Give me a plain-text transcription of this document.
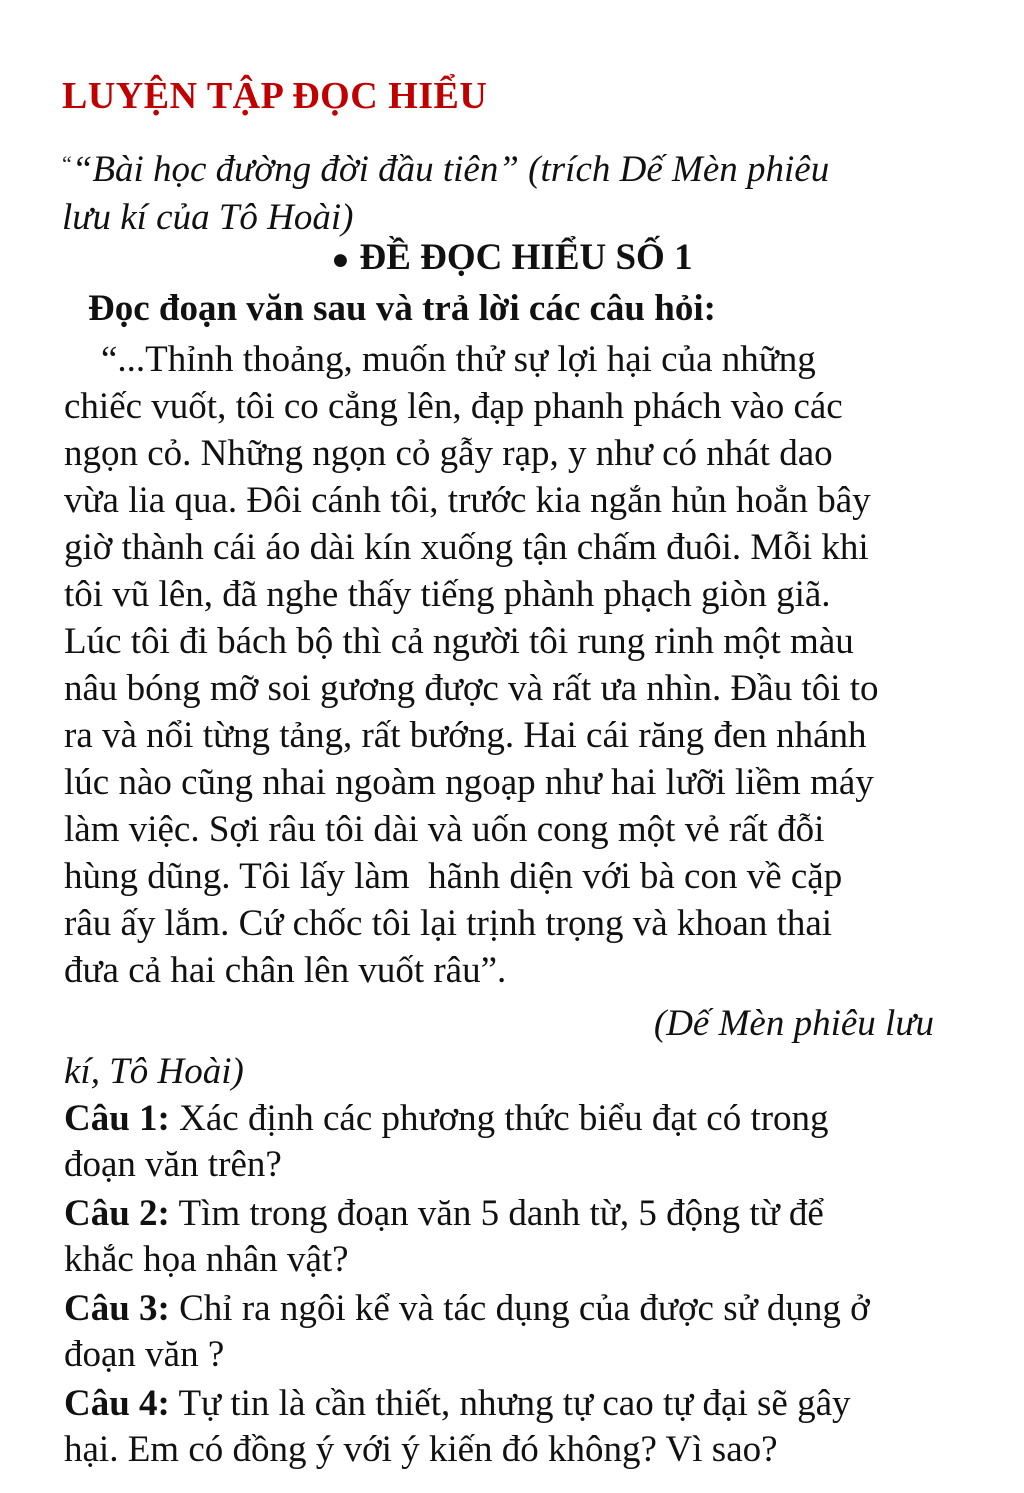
LUYỆN TẬP ĐỌC HIỂU
““Bài học đường đời đầu tiên” (trích Dế Mèn phiêu
lưu kí của Tô Hoài)
● ĐỀ ĐỌC HIỂU SỐ 1
Đọc đoạn văn sau và trả lời các câu hỏi:
“...Thỉnh thoảng, muốn thử sự lợi hại của những
chiếc vuốt, tôi co cẳng lên, đạp phanh phách vào các
ngọn cỏ. Những ngọn cỏ gẫy rạp, y như có nhát dao
vừa lia qua. Đôi cánh tôi, trước kia ngắn hủn hoẳn bây
giờ thành cái áo dài kín xuống tận chấm đuôi. Mỗi khi
tôi vũ lên, đã nghe thấy tiếng phành phạch giòn giã.
Lúc tôi đi bách bộ thì cả người tôi rung rinh một màu
nâu bóng mỡ soi gương được và rất ưa nhìn. Đầu tôi to
ra và nổi từng tảng, rất bướng. Hai cái răng đen nhánh
lúc nào cũng nhai ngoàm ngoạp như hai lưỡi liềm máy
làm việc. Sợi râu tôi dài và uốn cong một vẻ rất đỗi
hùng dũng. Tôi lấy làm  hãnh diện với bà con về cặp
râu ấy lắm. Cứ chốc tôi lại trịnh trọng và khoan thai
đưa cả hai chân lên vuốt râu”.
(Dế Mèn phiêu lưu
kí, Tô Hoài)
Câu 1: Xác định các phương thức biểu đạt có trong
đoạn văn trên?
Câu 2: Tìm trong đoạn văn 5 danh từ, 5 động từ để
khắc họa nhân vật?
Câu 3: Chỉ ra ngôi kể và tác dụng của được sử dụng ở
đoạn văn ?
Câu 4: Tự tin là cần thiết, nhưng tự cao tự đại sẽ gây
hại. Em có đồng ý với ý kiến đó không? Vì sao?
